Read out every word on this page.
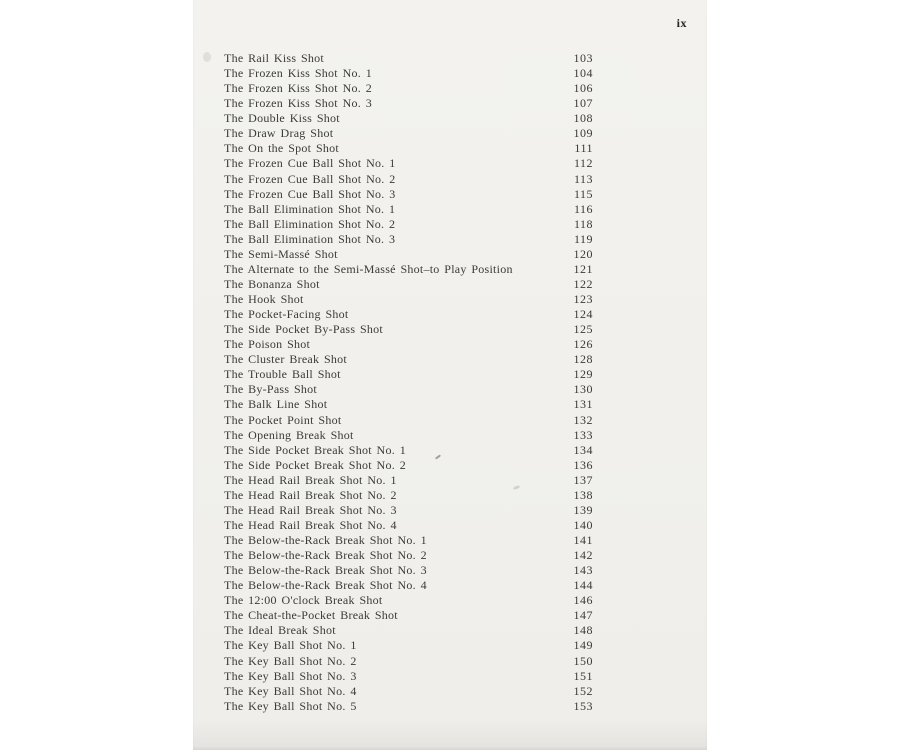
ix
The Rail Kiss Shot	103
The Frozen Kiss Shot No. 1	104
The Frozen Kiss Shot No. 2	106
The Frozen Kiss Shot No. 3	107
The Double Kiss Shot	108
The Draw Drag Shot	109
The On the Spot Shot	111
The Frozen Cue Ball Shot No. 1	112
The Frozen Cue Ball Shot No. 2	113
The Frozen Cue Ball Shot No. 3	115
The Ball Elimination Shot No. 1	116
The Ball Elimination Shot No. 2	118
The Ball Elimination Shot No. 3	119
The Semi-Massé Shot	120
The Alternate to the Semi-Massé Shot–to Play Position	121
The Bonanza Shot	122
The Hook Shot	123
The Pocket-Facing Shot	124
The Side Pocket By-Pass Shot	125
The Poison Shot	126
The Cluster Break Shot	128
The Trouble Ball Shot	129
The By-Pass Shot	130
The Balk Line Shot	131
The Pocket Point Shot	132
The Opening Break Shot	133
The Side Pocket Break Shot No. 1	134
The Side Pocket Break Shot No. 2	136
The Head Rail Break Shot No. 1	137
The Head Rail Break Shot No. 2	138
The Head Rail Break Shot No. 3	139
The Head Rail Break Shot No. 4	140
The Below-the-Rack Break Shot No. 1	141
The Below-the-Rack Break Shot No. 2	142
The Below-the-Rack Break Shot No. 3	143
The Below-the-Rack Break Shot No. 4	144
The 12:00 O'clock Break Shot	146
The Cheat-the-Pocket Break Shot	147
The Ideal Break Shot	148
The Key Ball Shot No. 1	149
The Key Ball Shot No. 2	150
The Key Ball Shot No. 3	151
The Key Ball Shot No. 4	152
The Key Ball Shot No. 5	153
